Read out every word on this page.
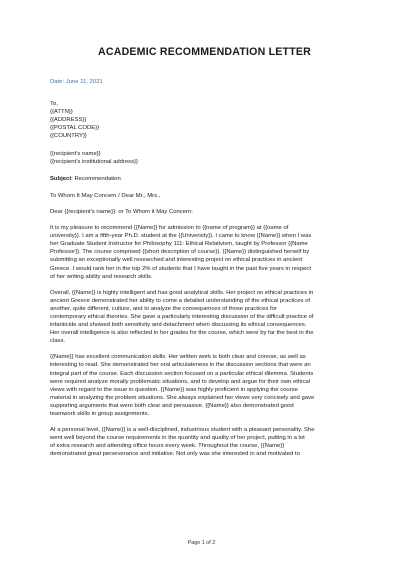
ACADEMIC RECOMMENDATION LETTER
Date: June 11, 2021
To,
{{ATTN}}
{{ADDRESS}}
{{POSTAL CODE}}
{{COUNTRY}}
{{recipient’s name}}
{{recipient’s institutional address}}
Subject: Recommendation

To Whom It May Concern / Dear Mr., Mrs.,

Dear {{recipient’s name}}: or To Whom it May Concern:

It is my pleasure to recommend {{Name}} for admission to {{name of program}} at {{name of
university}}. I am a fifth-year Ph.D. student at the {{University}}. I came to know {{Name}} when I was
her Graduate Student Instructor for Philosophy 111: Ethical Relativism, taught by Professor {{Name
Professor}}. The course comprised {{short description of course}}. {{Name}} distinguished herself by
submitting an exceptionally well researched and interesting project on ethical practices in ancient
Greece. I would rank her in the top 2% of students that I have taught in the past five years in respect
of her writing ability and research skills.

Overall, {{Name}} is highly intelligent and has good analytical skills. Her project on ethical practices in
ancient Greece demonstrated her ability to come a detailed understanding of the ethical practices of
another, quite different, culture, and to analyze the consequences of those practices for
contemporary ethical theories. She gave a particularly interesting discussion of the difficult practice of
infanticide and showed both sensitivity and detachment when discussing its ethical consequences.
Her overall intelligence is also reflected in her grades for the course, which were by far the best in the
class.

{{Name}} has excellent communication skills. Her written work is both clear and conose, as well as
interesting to read. She demonstrated her oral articulateness in the discussion sections that were an
integral part of the course. Each discussion section focused on a particular ethical dilemma. Students
were required analyze morally problematic situations, and to develop and argue for their own ethical
views with regard to the issue in question. {{Name}} was highly proficient in applying the course
material in analyzing the problem situations. She always explained her views very concisely and gave
supporting arguments that were both clear and persuasive. {{Name}} also demonstrated good
teamwork skills in group assignments.

At a personal level, {{Name}} is a well-disciplined, industrious student with a pleasant personality. She
went well beyond the course requirements in the quantity and quality of her project, putting in a lot
of extra research and attending office hours every week. Throughout the course, {{Name}}
demonstrated great perseverance and initiative. Not only was she interested in and motivated to

Page 1 of 2
